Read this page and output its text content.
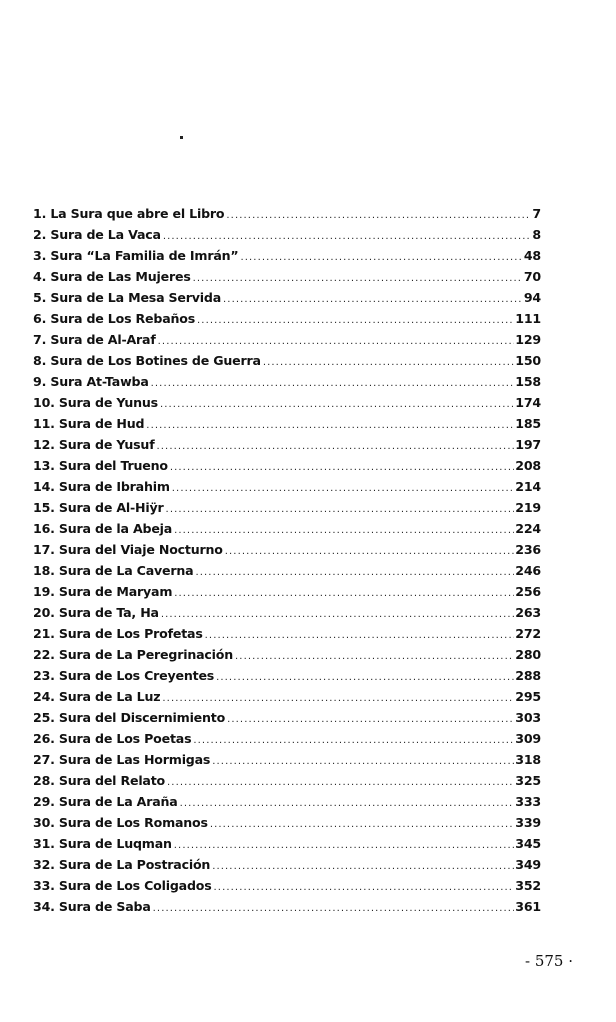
1. La Sura que abre el Libro .....	7
2. Sura de La Vaca .....	8
3. Sura “La Familia de Imrán” .....	48
4. Sura de Las Mujeres .....	70
5. Sura de La Mesa Servida .....	94
6. Sura de Los Rebaños .....	111
7. Sura de Al-Araf .....	129
8. Sura de Los Botines de Guerra .....	150
9. Sura At-Tawba .....	158
10. Sura de Yunus .....	174
11. Sura de Hud .....	185
12. Sura de Yusuf .....	197
13. Sura del Trueno .....	208
14. Sura de Ibrahim .....	214
15. Sura de Al-Hiÿr .....	219
16. Sura de la Abeja .....	224
17. Sura del Viaje Nocturno .....	236
18. Sura de La Caverna .....	246
19. Sura de Maryam .....	256
20. Sura de Ta, Ha .....	263
21. Sura de Los Profetas .....	272
22. Sura de La Peregrinación .....	280
23. Sura de Los Creyentes .....	288
24. Sura de La Luz .....	295
25. Sura del Discernimiento .....	303
26. Sura de Los Poetas .....	309
27. Sura de Las Hormigas .....	318
28. Sura del Relato .....	325
29. Sura de La Araña .....	333
30. Sura de Los Romanos .....	339
31. Sura de Luqman .....	345
32. Sura de La Postración .....	349
33. Sura de Los Coligados .....	352
34. Sura de Saba .....	361
- 575 ·
